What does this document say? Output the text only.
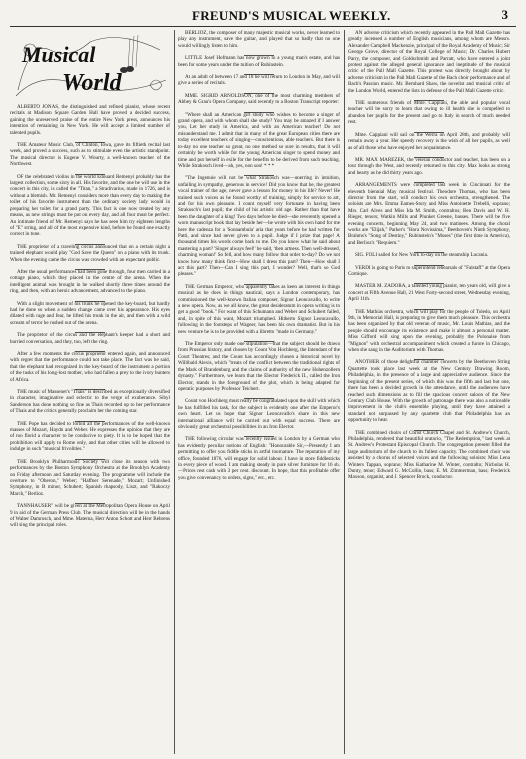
FREUND'S MUSICAL WEEKLY.	3
Musical
World

ALBERTO JONAS, the distinguished and refined pianist, whose recent recitals at Madison Square Garden Hall have proved a decided success, gaining the unreserved praise of the entire New York press, announces his intention of remaining in New York. He will accept a limited number of talented pupils.

THE Amateur Music Club, of Clinton, Iowa, gave its fiftieth recital last week, and proved a success, such as to stimulate even the artistic standpoint. The musical director is Eugene V. Wourty, a well-known teacher of the Northwest.

OF the celebrated violins in the world Edouard Remenyi probably has the largest collection, some sixty in all. His favorite, and the one he will use in the concert in this city, is called the "Titan," a Stradivarius, made in 1726, and is without a blemish. Mr. Remenyi considers more than every day to making the toilet of his favorite instrument than the ordinary society lady would in preparing her toilet for a grand party. This fact is one now treated by any means, as new strings must be put on every day, and all four must be perfect. An intimate friend of Mr. Remenyi says he has seen him try eighteen lengths of "E" string, and all of the most expensive kind, before he found one exactly correct in tone.

THE proprietor of a traveling circus announced that on a certain night a trained elephant would play "God Save the Queen" on a piano with its trunk. When the evening came the circus was crowded with an expectant public.

After the usual performances had been gone through, four men carried in a cottage piano, which they placed in the centre of the arena. When the intelligent animal was brought in he walked shortly three times around the ring, and then, with an heroic advancement, advanced to the piano.

With a slight movement of his trunk he opened the key-board, but hardly had he done so when a sudden change came over his appearance. His eyes dilated with rage and fear, he lifted his trunk in the air, and then with a wild scream of terror he rushed out of the arena.

The proprietor of the circus and the elephant's keeper had a short and hurried conversation, and they, too, left the ring.

After a few moments the circus proprietor entered again, and announced with regret that the performance could not take place. The fact was he said, that the elephant had recognized in the key-board of the instrument a portion of the tusks of his long-lost mother, who had fallen a prey to the ivory hunters of Africa.

THE music of Massenet's "Thais" is described as exceptionally diversified in character, imaginative and eclectic to the verge of exuberance. Sibyl Sanderson has done nothing so fine as Thais recorded up to her performance of Thais and the critics generally proclaim her the coming star.

THE Pope has decided to forbid all the performances of the well-known masses of Mozart, Haydn and Weber. He expresses the opinion that they are of too florid a character to be conducive to piety. It is to be hoped that the prohibition will apply to Rome only, and that other cities will be allowed to indulge in such "musical frivolities."

THE Brooklyn Philharmonic Society will close its season with two performances by the Boston Symphony Orchestra at the Brooklyn Academy on Friday afternoon and Saturday evening. The programme will include the overture to "Oberon," Weber; "Haffner Serenade," Mozart; Unfinished Symphony, in B minor, Schubert; Spanish rhapsody, Liszt, and "Rakoczy March," Berlioz.

TANNHAUSER" will be given at the Metropolitan Opera House on April 9 in aid of the German Press Club. The musical direction will be in the hands of Walter Damrosch, and Mme. Materna, Herr Anton Schott and Herr Behrens will sing the principal roles.

BERLIOZ, the composer of many majestic musical works, never learned to play any instrument, save the guitar, and played that so badly that no one would willingly listen to him.

LITTLE Josef Hofmann has now grown to a young man's estate, and has been for some years under the tuition of Rubinstein.

At an adult of between 17 and 18 he will return to London in May, and will give a series of recitals.

MME. SIGRID ARNOLDSON, one of the most charming members of Abbey & Grau's Opera Company, said recently to a Boston Transcript reporter:

"Where shall an American girl study who wishes to become a singer of grand opera, and with whom shall she study? You may be amazed if I answer you, Let her study in America, and with an American teacher! Do not misunderstand me. I admit that in many of the great European cities there are today excellent teachers of singing—conscientious, able teachers. But there is to-day no one teacher so great, no one method so sure in results, that it will certainly be worth while for the young American singer to spend money and time and put herself in exile for the benefits to be derived from such teaching. While Strakosch lived—ah, yes, non son! * * *

"The Ingenuie will not be what Strakosch was—unerring in intuition, unfailing in sympathy, generous in service! Did you know that he, the greatest vocal trainer of the age, never gave a lesson for money in his life? Never! He trained such voices as he found worthy of training, simply for service to art, and for his own pleasure. I count myself very fortunate in having been Strakosch's last pupil; the child of his artistic old age. Rather than that have been the daughter of a king! Two days before he died—she reverently opened a worn manuscript book that lay beside her—he wrote with his own hand for me here the cadenza for a 'Sonnambula' aria that years before he had written for Patti, and since had never given to a pupil. Judge if I prize that page! A thousand times his words come back to me. Do you know what he said about mastering a part? 'Singer always feel!' he said, 'then artness. Then well-dressed, charming woman!' So fell, and how many follow that order to-day? Do we not know how many think first—How shall I dress this part? Then—How shall I act this part? Then—Can I sing this part, I wonder? Well, that's so God pleases."

THE German Emperor, who apparently takes as keen an interest in things musical as he does in things nautical, says a London contemporary, has commissioned the well-known Italian composer, Signor Leoncavallo, to write a new opera. Now, as we all know, the great desideratum in opera writing is to get a good "book." For want of this Schumann and Weber and Schubert failed, and, in spite of this want, Mozart triumphed. Hitherto Signor Leoncavallo, following in the footsteps of Wagner, has been his own dramatist. But in his new venture he is to be provided with a libretto "made in Germany."

The Emperor only made one stipulation—that the subject should be drawn from Prussian history, and chosen by Count Von Hochberg, the Intendant of the Court Theatres; and the Count has accordingly chosen a historical novel by Willibald Alexis, which "treats of the conflict between the traditional rights of the Mark of Brandenburg and the claims of authority of the new Hohenzollern dynasty." Furthermore, we learn that the Elector Frederick II., called the Iron Elector, stands in the foreground of the plot, which is being adapted for operatic purposes by Professor Teichert.

Count von Hochberg must really be congratulated upon the skill with which he has fulfilled his task, for the subject is evidently one after the Emperor's own heart. Let us hope that Signor Leoncavallo's share in this new international alliance will be carried out with equal success. There are obviously great orchestral possibilities in an Iron Elector.

THE following circular was recently issued in London by a German who has evidently peculiar notions of English: "Honourable Sir,—Presently I am permitting to offer you fiddle sticks in artful tournature. The reputation of my office, founded 1876, will engage for solid labour. I have in store fiddlesticks in every piece of wood. I am making steady in pure silver furniture for 16 sh.—Prices rest cash with 3 per cent. discount. In hope, that this profitable offer you give convenancy to orders, signs," etc., etc.

AN adverse criticism which recently appeared in the Pall Mall Gazette has greatly incensed a number of English musicians, among whom are Messrs. Alexander Campbell Mackenzie, principal of the Royal Academy of Music; Sir George Grove, director of the Royal College of Music; Dr. Charles Hubert Parry, the composer, and Goldschmidt and Parratt, who have entered a joint protest against the alleged general ignorance and ineptitude of the musical critic of the Pall Mall Gazette. This protest was directly brought about by adverse criticism in the Pall Mall Gazette of the Bach choir performance and of Bach's Passion music. Mr. Bernhard Shaw, the novelist and musical critic of the London World, entered the lists in defense of the Pall Mall Gazette critic.

THE numerous friends of Mme. Cappiani, the able and popular vocal teacher will be sorry to learn that owing to ill health she is compelled to abandon her pupils for the present and go to Italy in search of much needed rest.

Mme. Cappiani will sail on the Werra on April 28th, and probably will remain away a year. Her speedy recovery is the wish of all her pupils, as well as of all those who have enjoyed her acquaintance.

MR. MAX MAREZEK, the veteran conductor and teacher, has been on a tour through the West, and recently returned to this city. Max looks as strong and hearty as he did thirty years ago.

ARRANGEMENTS were completed last week in Cincinnati for the eleventh biennial May musical festival. Theodore Thomas, who has been director from the start, will conduct his own orchestra, strengthened. The soloists are Mrs. Emma Eames-Story and Miss Antoinette Trebelli, soprano; Mrs. Carl Alves and Miss Ida M. Smith, contraltos; Ben Davis and W. H. Rieger, tenors; Watkin Mills and Plunket Greene, basses. There will be five evening concerts, beginning May 24, and two matinees. Among the choral works are "Elijah," Parker's "Hora Novissima," Beethoven's Ninth Symphony, Brahms's "Song of Destiny," Rubinstein's "Moses" (the first time in America), and Berlioz's "Requiem."

SIG. FOLI sailed for New York to-day on the steamship Lucania.

VERDI is going to Paris to superintend rehearsals of "Falstaff" at the Opera Comique.

MASTER M. ZADORA, a talented young pianist, ten years old, will give a concert at Fifth Avenue Hall, 21 West Forty-second street, Wednesday evening, April 11th.

THE Mathias orchestra, which will play for the people of Toledo, on April 9th, in Memorial Hall, is preparing to give them much pleasure. This orchestra has been organized by that old veteran of music, Mr. Louis Mathias, and the people should encourage its existence and make it almost a personal matter. Miss Gifford will sing upon the evening, probably the Polonaise from "Mignon" with orchestral accompaniment which created a furore in Chicago, when she sang in the Auditorium with Thomas.

ANOTHER of those delightful chamber concerts by the Beethoven String Quartette took place last week at the New Century Drawing Room, Philadelphia, in the presence of a large and appreciative audience. Since the beginning of the present series, of which this was the fifth and last but one, there has been a decided growth in the attendance, until the audiences have reached such dimensions as to fill the spacious concert saloon of the New Century Club House. With the growth of patronage there was also a noticeable improvement in the club's ensemble playing, until they have attained a standard not surpassed by any quartette club that Philadelphia has an opportunity to hear.

THE combined choirs of Christ Church Chapel and St. Andrew's Church, Philadelphia, rendered that beautiful oratorio, "The Redemption," last week at St. Andrew's Protestant Episcopal Church. The congregation present filled the large auditorium of the church to its fullest capacity. The combined choir was assisted by a chorus of selected voices and the following soloists: Miss Lena Winters Tappan, soprano; Miss Katharine M. Winter, contralto; Nicholas H. Dunty, tenor; Edward G. McCollin, bass; E. M. Zimmerman, bass; Frederick Maxson, organist, and J. Spencer Brock, conductor.
